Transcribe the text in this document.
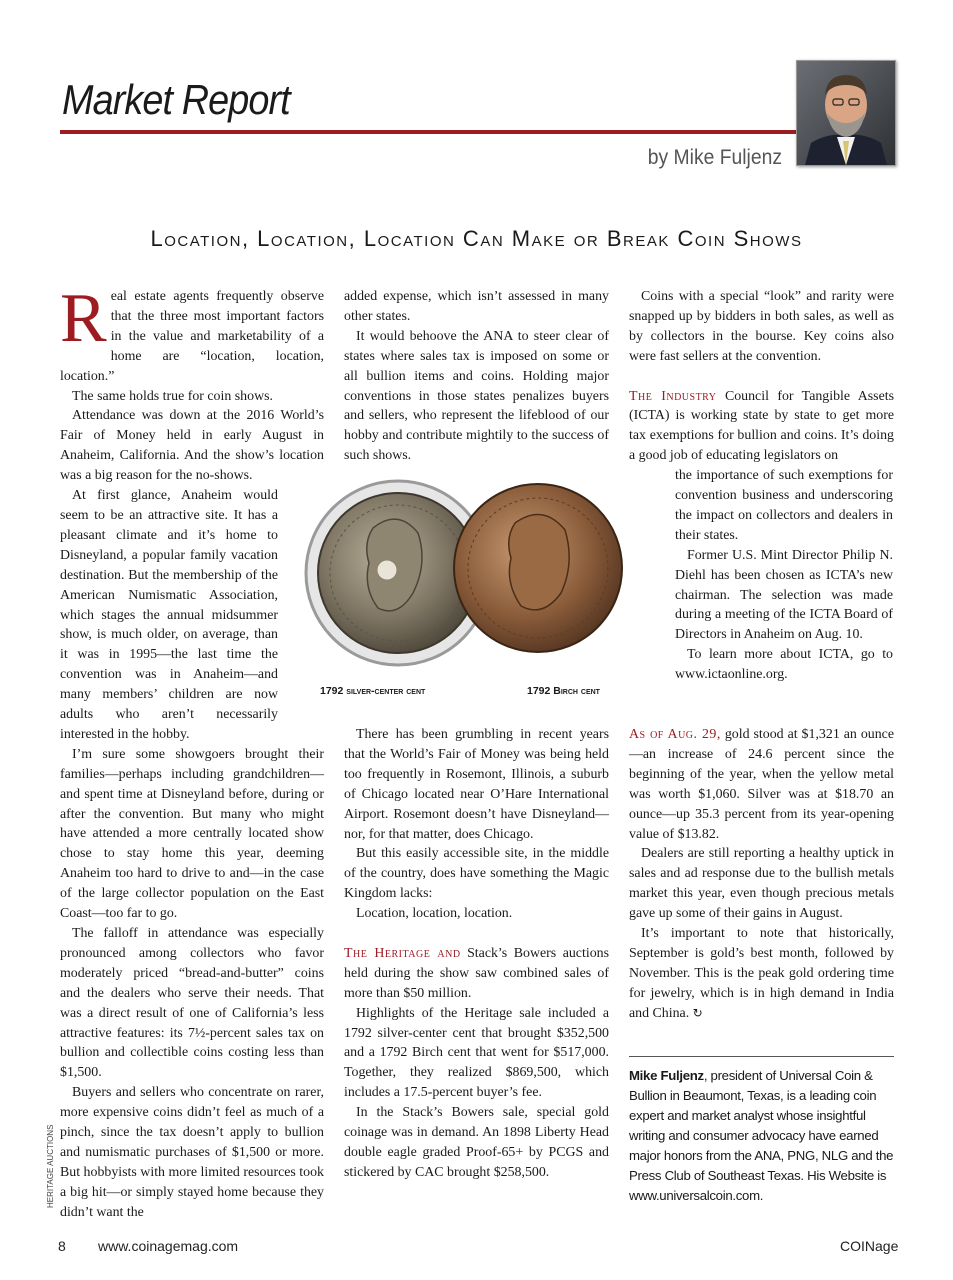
Market Report
by Mike Fuljenz
Location, Location, Location Can Make or Break Coin Shows

Real estate agents frequently observe that the three most important factors in the value and marketability of a home are “location, location, location.”

The same holds true for coin shows.

Attendance was down at the 2016 World’s Fair of Money held in early August in Anaheim, California. And the show’s location was a big reason for the no-shows.

At first glance, Anaheim would seem to be an attractive site. It has a pleasant climate and it’s home to Disneyland, a popular family vacation destination. But the membership of the American Numismatic Association, which stages the annual midsummer show, is much older, on average, than it was in 1995—the last time the convention was in Anaheim—and many members’ children are now adults who aren’t necessarily interested in the hobby.

I’m sure some showgoers brought their families—perhaps including grandchildren—and spent time at Disneyland before, during or after the convention. But many who might have attended a more centrally located show chose to stay home this year, deeming Anaheim too hard to drive to and—in the case of the large collector population on the East Coast—too far to go.

The falloff in attendance was especially pronounced among collectors who favor moderately priced “bread-and-butter” coins and the dealers who serve their needs. That was a direct result of one of California’s less attractive features: its 7½-percent sales tax on bullion and collectible coins costing less than $1,500.

Buyers and sellers who concentrate on rarer, more expensive coins didn’t feel as much of a pinch, since the tax doesn’t apply to bullion and numismatic purchases of $1,500 or more. But hobbyists with more limited resources took a big hit—or simply stayed home because they didn’t want the

added expense, which isn’t assessed in many other states.

It would behoove the ANA to steer clear of states where sales tax is imposed on some or all bullion items and coins. Holding major conventions in those states penalizes buyers and sellers, who represent the lifeblood of our hobby and contribute mightily to the success of such shows.

1792 silver-center cent	1792 Birch cent

There has been grumbling in recent years that the World’s Fair of Money was being held too frequently in Rosemont, Illinois, a suburb of Chicago located near O’Hare International Airport. Rosemont doesn’t have Disneyland—nor, for that matter, does Chicago.

But this easily accessible site, in the middle of the country, does have something the Magic Kingdom lacks:

Location, location, location.

The Heritage and Stack’s Bowers auctions held during the show saw combined sales of more than $50 million.

Highlights of the Heritage sale included a 1792 silver-center cent that brought $352,500 and a 1792 Birch cent that went for $517,000. Together, they realized $869,500, which includes a 17.5-percent buyer’s fee.

In the Stack’s Bowers sale, special gold coinage was in demand. An 1898 Liberty Head double eagle graded Proof-65+ by PCGS and stickered by CAC brought $258,500.

Coins with a special “look” and rarity were snapped up by bidders in both sales, as well as by collectors in the bourse. Key coins also were fast sellers at the convention.

The Industry Council for Tangible Assets (ICTA) is working state by state to get more tax exemptions for bullion and coins. It’s doing a good job of educating legislators on

the importance of such exemptions for convention business and underscoring the impact on collectors and dealers in their states.

Former U.S. Mint Director Philip N. Diehl has been chosen as ICTA’s new chairman. The selection was made during a meeting of the ICTA Board of Directors in Anaheim on Aug. 10.

To learn more about ICTA, go to www.ictaonline.org.

As of Aug. 29, gold stood at $1,321 an ounce—an increase of 24.6 percent since the beginning of the year, when the yellow metal was worth $1,060. Silver was at $18.70 an ounce—up 35.3 percent from its year-opening value of $13.82.

Dealers are still reporting a healthy uptick in sales and ad response due to the bullish metals market this year, even though precious metals gave up some of their gains in August.

It’s important to note that historically, September is gold’s best month, followed by November. This is the peak gold ordering time for jewelry, which is in high demand in India and China. ↻

Mike Fuljenz, president of Universal Coin & Bullion in Beaumont, Texas, is a leading coin expert and market analyst whose insightful writing and consumer advocacy have earned major honors from the ANA, PNG, NLG and the Press Club of Southeast Texas. His Website is www.universalcoin.com.
HERITAGE AUCTIONS
8 www.coinagemag.com	COINage
